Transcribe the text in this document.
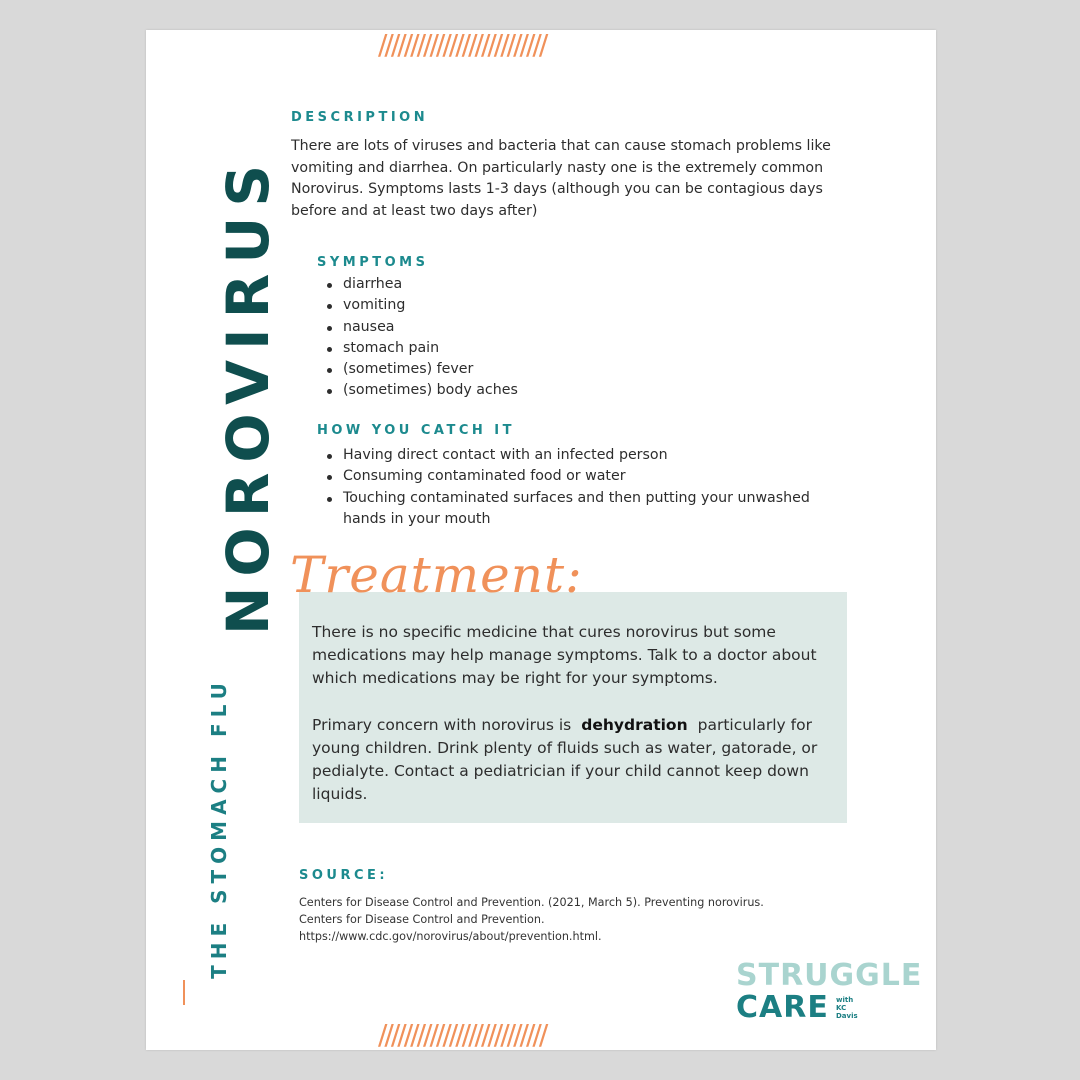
//////////////////////////
NOROVIRUS
THE STOMACH FLU
DESCRIPTION
There are lots of viruses and bacteria that can cause stomach problems like vomiting and diarrhea. On particularly nasty one is the extremely common Norovirus. Symptoms lasts 1-3 days (although you can be contagious days before and at least two days after)
SYMPTOMS
diarrhea
vomiting
nausea
stomach pain
(sometimes) fever
(sometimes) body aches
HOW YOU CATCH IT
Having direct contact with an infected person
Consuming contaminated food or water
Touching contaminated surfaces and then putting your unwashed hands in your mouth
Treatment:
There is no specific medicine that cures norovirus but some medications may help manage symptoms. Talk to a doctor about which medications may be right for your symptoms.
Primary concern with norovirus is dehydration particularly for young children. Drink plenty of fluids such as water, gatorade, or pedialyte. Contact a pediatrician if your child cannot keep down liquids.
SOURCE:
Centers for Disease Control and Prevention. (2021, March 5). Preventing norovirus.
Centers for Disease Control and Prevention.
https://www.cdc.gov/norovirus/about/prevention.html.
STRUGGLE
CARE with
KC
Davis
//////////////////////////
